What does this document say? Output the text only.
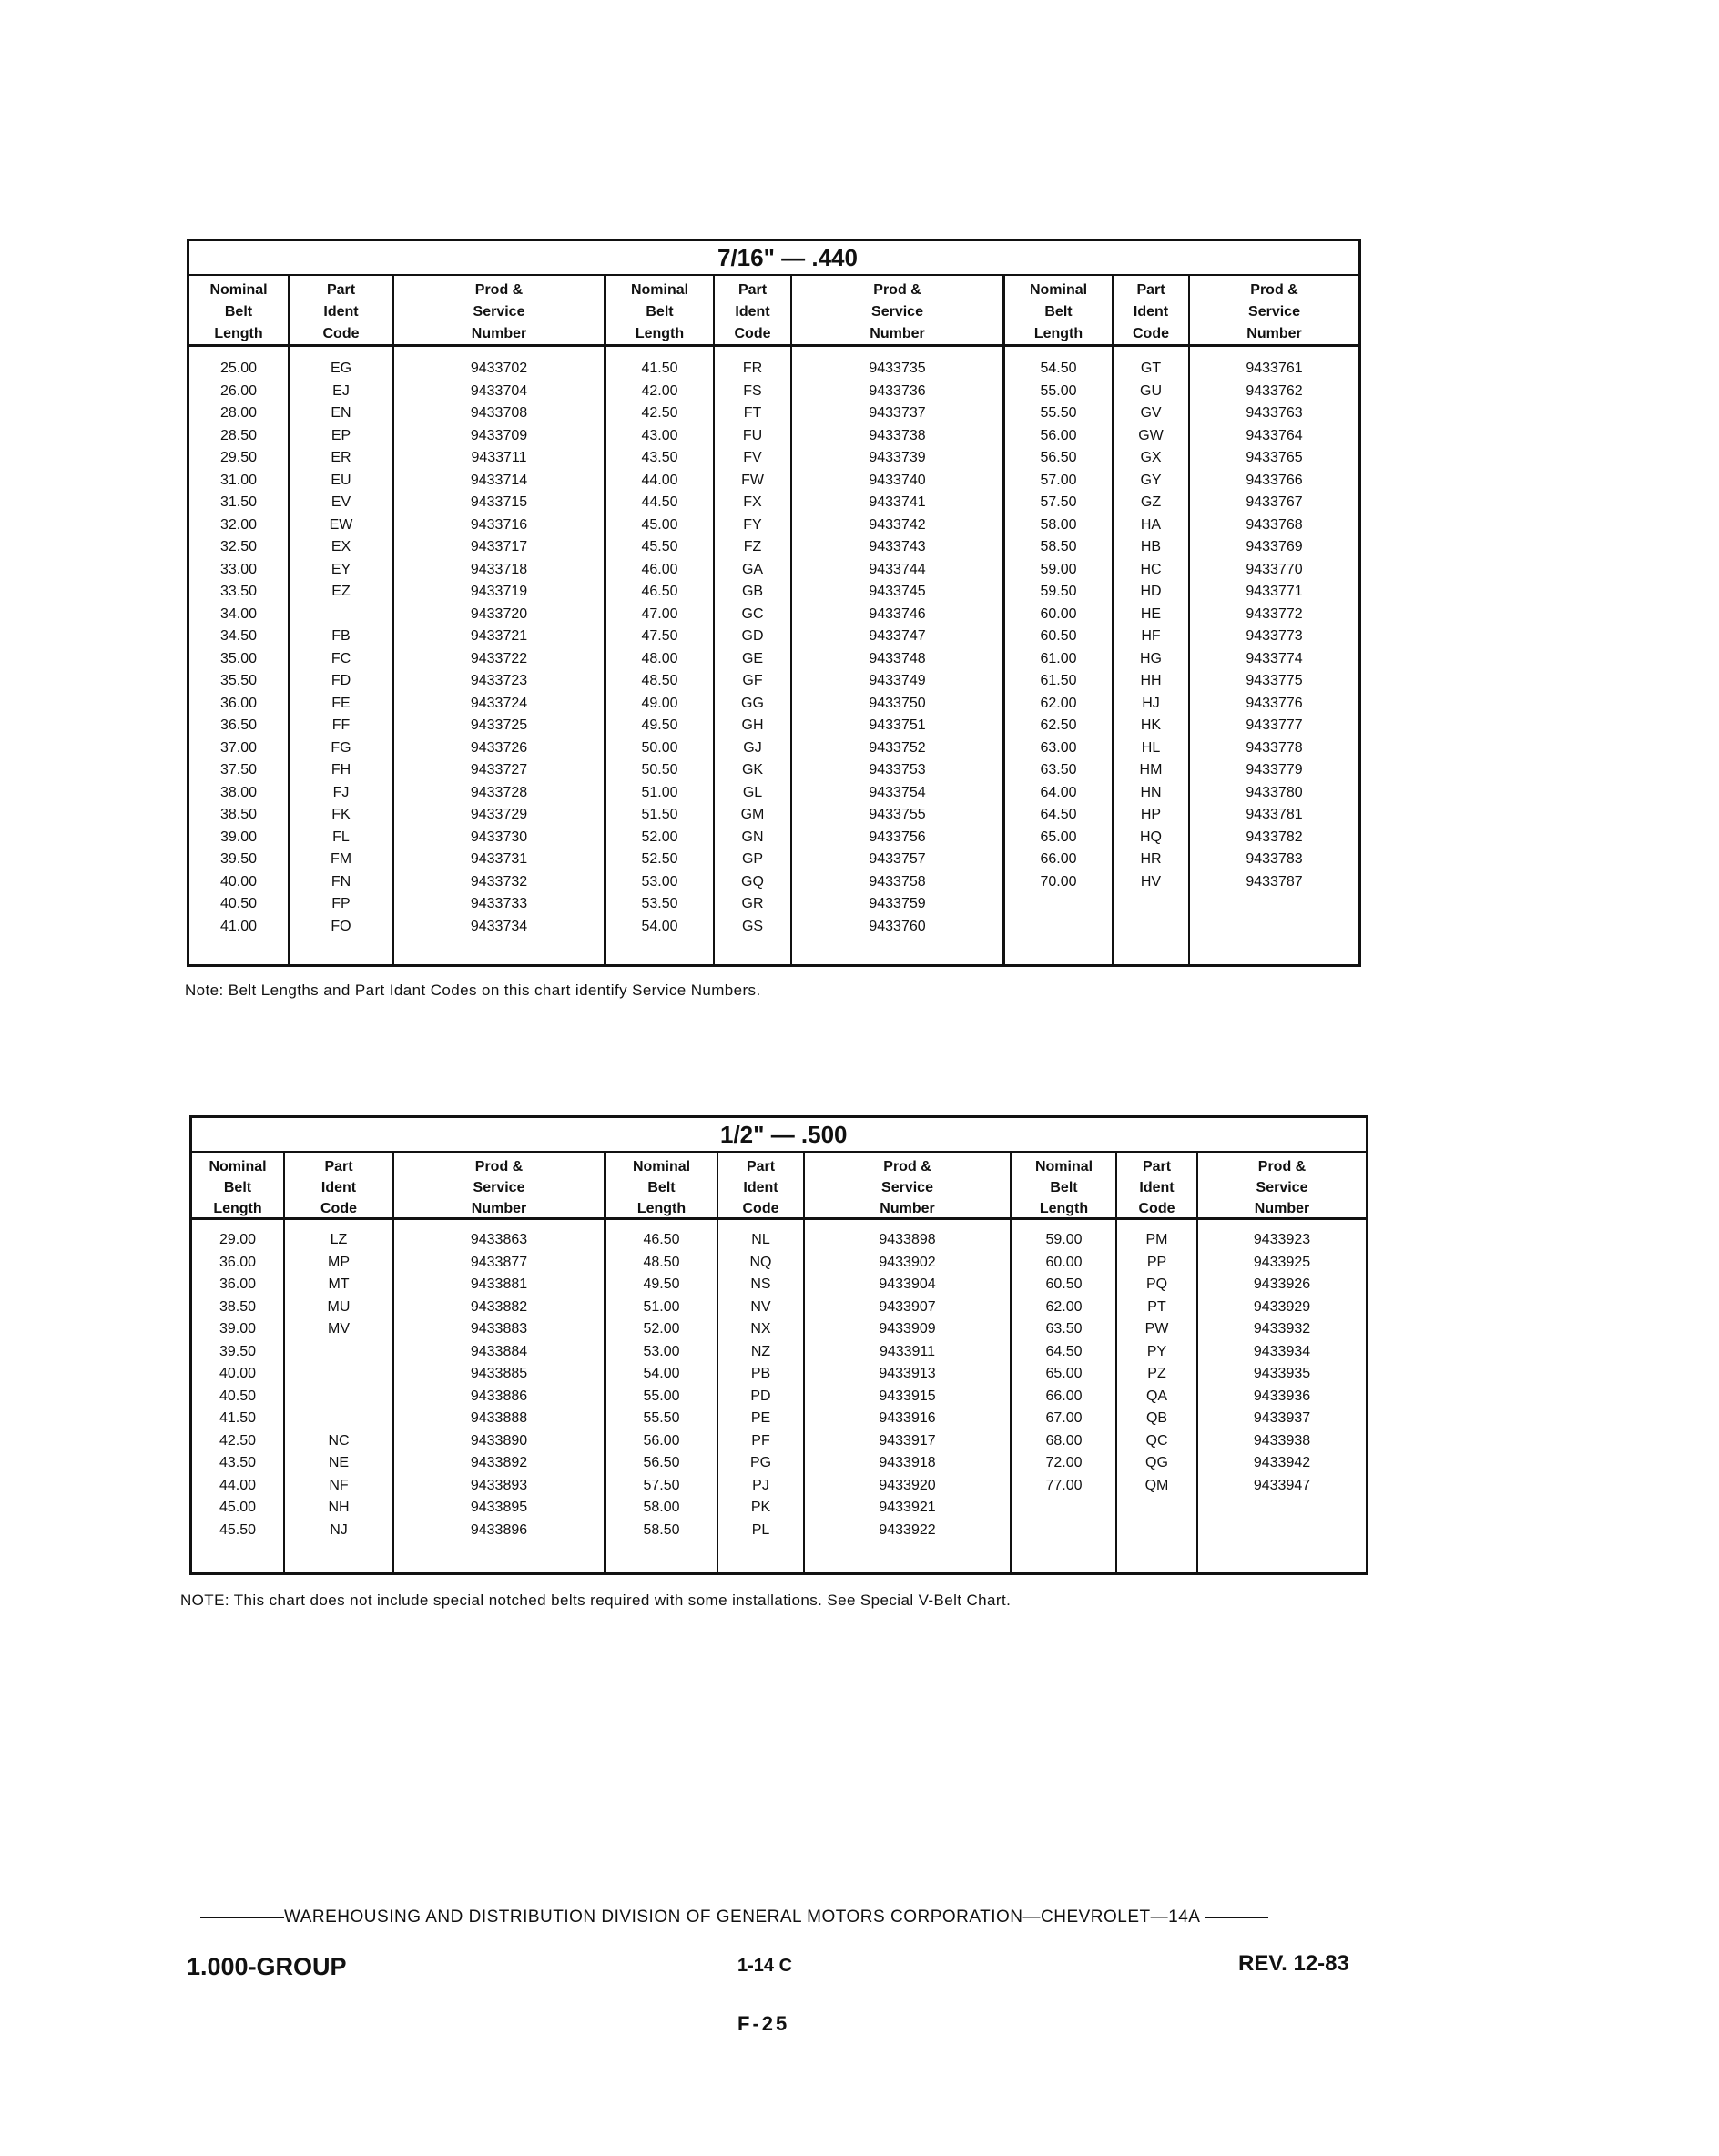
7/16" — .440
Nominal
Belt
Length
25.00
26.00
28.00
28.50
29.50
31.00
31.50
32.00
32.50
33.00
33.50
34.00
34.50
35.00
35.50
36.00
36.50
37.00
37.50
38.00
38.50
39.00
39.50
40.00
40.50
41.00
Part
Ident
Code
EG
EJ
EN
EP
ER
EU
EV
EW
EX
EY
EZ
FB
FC
FD
FE
FF
FG
FH
FJ
FK
FL
FM
FN
FP
FO
Prod &
Service
Number
9433702
9433704
9433708
9433709
9433711
9433714
9433715
9433716
9433717
9433718
9433719
9433720
9433721
9433722
9433723
9433724
9433725
9433726
9433727
9433728
9433729
9433730
9433731
9433732
9433733
9433734
Nominal
Belt
Length
41.50
42.00
42.50
43.00
43.50
44.00
44.50
45.00
45.50
46.00
46.50
47.00
47.50
48.00
48.50
49.00
49.50
50.00
50.50
51.00
51.50
52.00
52.50
53.00
53.50
54.00
Part
Ident
Code
FR
FS
FT
FU
FV
FW
FX
FY
FZ
GA
GB
GC
GD
GE
GF
GG
GH
GJ
GK
GL
GM
GN
GP
GQ
GR
GS
Prod &
Service
Number
9433735
9433736
9433737
9433738
9433739
9433740
9433741
9433742
9433743
9433744
9433745
9433746
9433747
9433748
9433749
9433750
9433751
9433752
9433753
9433754
9433755
9433756
9433757
9433758
9433759
9433760
Nominal
Belt
Length
54.50
55.00
55.50
56.00
56.50
57.00
57.50
58.00
58.50
59.00
59.50
60.00
60.50
61.00
61.50
62.00
62.50
63.00
63.50
64.00
64.50
65.00
66.00
70.00
Part
Ident
Code
GT
GU
GV
GW
GX
GY
GZ
HA
HB
HC
HD
HE
HF
HG
HH
HJ
HK
HL
HM
HN
HP
HQ
HR
HV
Prod &
Service
Number
9433761
9433762
9433763
9433764
9433765
9433766
9433767
9433768
9433769
9433770
9433771
9433772
9433773
9433774
9433775
9433776
9433777
9433778
9433779
9433780
9433781
9433782
9433783
9433787
Note: Belt Lengths and Part Idant Codes on this chart identify Service Numbers.
1/2" — .500
Nominal
Belt
Length
29.00
36.00
36.00
38.50
39.00
39.50
40.00
40.50
41.50
42.50
43.50
44.00
45.00
45.50
Part
Ident
Code
LZ
MP
MT
MU
MV
NC
NE
NF
NH
NJ
Prod &
Service
Number
9433863
9433877
9433881
9433882
9433883
9433884
9433885
9433886
9433888
9433890
9433892
9433893
9433895
9433896
Nominal
Belt
Length
46.50
48.50
49.50
51.00
52.00
53.00
54.00
55.00
55.50
56.00
56.50
57.50
58.00
58.50
Part
Ident
Code
NL
NQ
NS
NV
NX
NZ
PB
PD
PE
PF
PG
PJ
PK
PL
Prod &
Service
Number
9433898
9433902
9433904
9433907
9433909
9433911
9433913
9433915
9433916
9433917
9433918
9433920
9433921
9433922
Nominal
Belt
Length
59.00
60.00
60.50
62.00
63.50
64.50
65.00
66.00
67.00
68.00
72.00
77.00
Part
Ident
Code
PM
PP
PQ
PT
PW
PY
PZ
QA
QB
QC
QG
QM
Prod &
Service
Number
9433923
9433925
9433926
9433929
9433932
9433934
9433935
9433936
9433937
9433938
9433942
9433947
NOTE: This chart does not include special notched belts required with some installations. See Special V-Belt Chart.
WAREHOUSING AND DISTRIBUTION DIVISION OF GENERAL MOTORS CORPORATION—CHEVROLET—14A
1.000-GROUP	1-14 C	REV. 12-83
F-25
